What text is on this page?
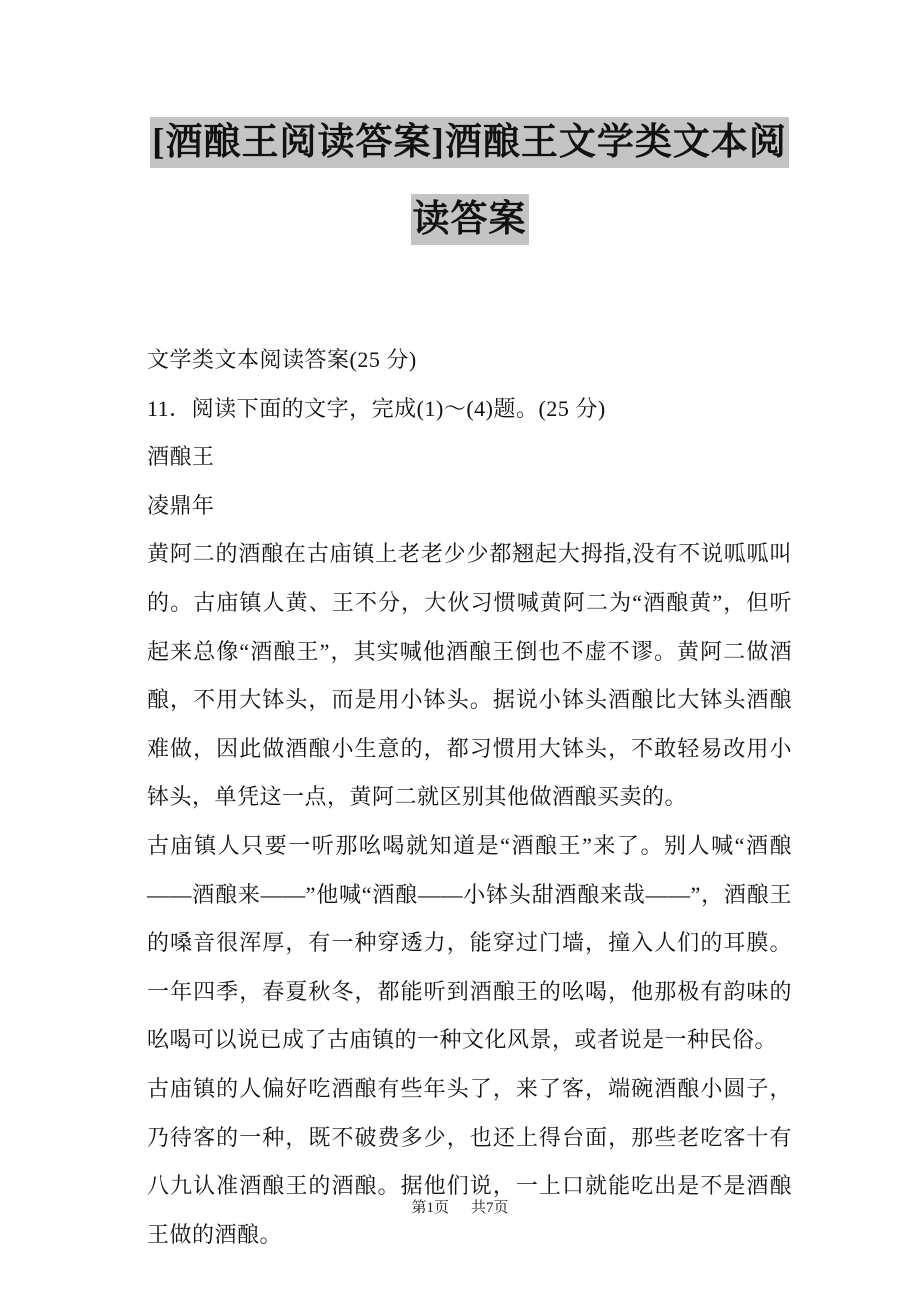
[酒酿王阅读答案]酒酿王文学类文本阅读答案

文学类文本阅读答案(25 分)

11．阅读下面的文字，完成(1)～(4)题。(25 分)

酒酿王

凌鼎年

黄阿二的酒酿在古庙镇上老老少少都翘起大拇指,没有不说呱呱叫的。古庙镇人黄、王不分，大伙习惯喊黄阿二为“酒酿黄”，但听起来总像“酒酿王”，其实喊他酒酿王倒也不虚不谬。黄阿二做酒酿，不用大钵头，而是用小钵头。据说小钵头酒酿比大钵头酒酿难做，因此做酒酿小生意的，都习惯用大钵头，不敢轻易改用小钵头，单凭这一点，黄阿二就区别其他做酒酿买卖的。

古庙镇人只要一听那吆喝就知道是“酒酿王”来了。别人喊“酒酿——酒酿来——”他喊“酒酿——小钵头甜酒酿来哉——”，酒酿王的嗓音很浑厚，有一种穿透力，能穿过门墙，撞入人们的耳膜。一年四季，春夏秋冬，都能听到酒酿王的吆喝，他那极有韵味的吆喝可以说已成了古庙镇的一种文化风景，或者说是一种民俗。

古庙镇的人偏好吃酒酿有些年头了，来了客，端碗酒酿小圆子，乃待客的一种，既不破费多少，也还上得台面，那些老吃客十有八九认准酒酿王的酒酿。据他们说，一上口就能吃出是不是酒酿王做的酒酿。

第1页 共7页
